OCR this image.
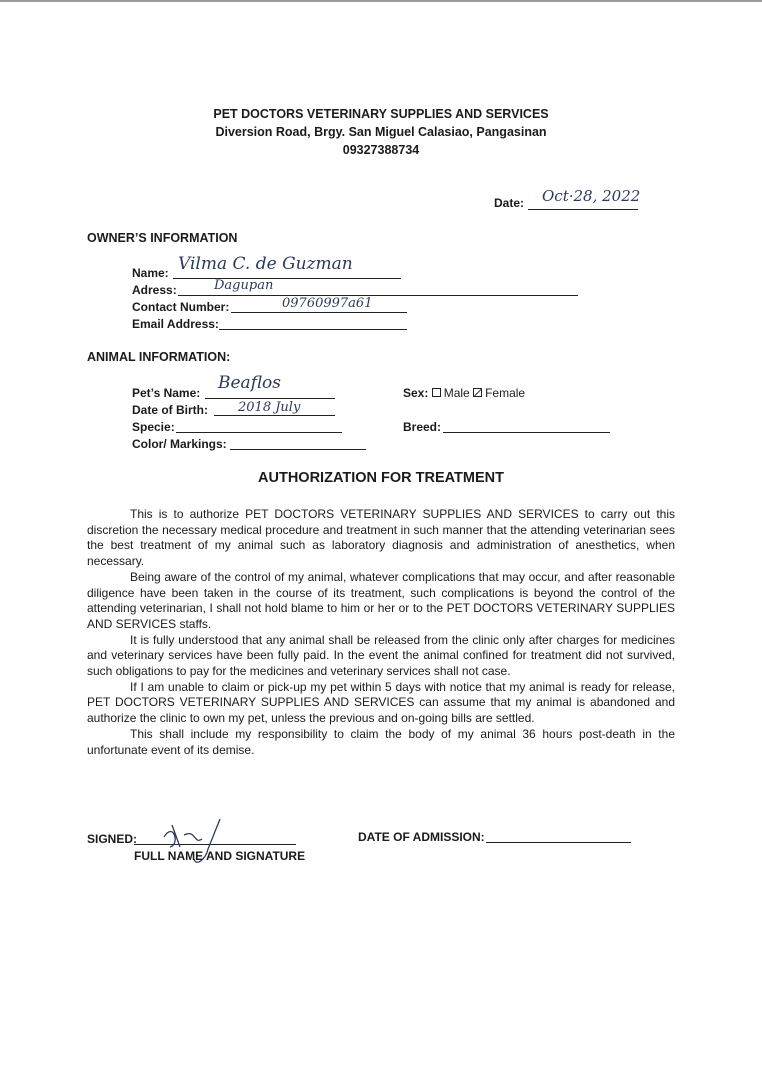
PET DOCTORS VETERINARY SUPPLIES AND SERVICES
Diversion Road, Brgy. San Miguel Calasiao, Pangasinan
09327388734
Date: Oct·28, 2022
OWNER’S INFORMATION
Name: Vilma C. de Guzman
Adress:	Dagupan
Contact Number:	09760997a61
Email Address:
ANIMAL INFORMATION:
Pet’s Name: Beaflos
Date of Birth: 2018 July
Specie:
Color/ Markings:
Sex: Male Female
Breed:
AUTHORIZATION FOR TREATMENT

This is to authorize PET DOCTORS VETERINARY SUPPLIES AND SERVICES to carry out this discretion the necessary medical procedure and treatment in such manner that the attending veterinarian sees the best treatment of my animal such as laboratory diagnosis and administration of anesthetics, when necessary.

Being aware of the control of my animal, whatever complications that may occur, and after reasonable diligence have been taken in the course of its treatment, such complications is beyond the control of the attending veterinarian, I shall not hold blame to him or her or to the PET DOCTORS VETERINARY SUPPLIES AND SERVICES staffs.

It is fully understood that any animal shall be released from the clinic only after charges for medicines and veterinary services have been fully paid. In the event the animal confined for treatment did not survived, such obligations to pay for the medicines and veterinary services shall not case.

If I am unable to claim or pick-up my pet within 5 days with notice that my animal is ready for release, PET DOCTORS VETERINARY SUPPLIES AND SERVICES can assume that my animal is abandoned and authorize the clinic to own my pet, unless the previous and on-going bills are settled.

This shall include my responsibility to claim the body of my animal 36 hours post-death in the unfortunate event of its demise.

SIGNED:
FULL NAME AND SIGNATURE
DATE OF ADMISSION:
